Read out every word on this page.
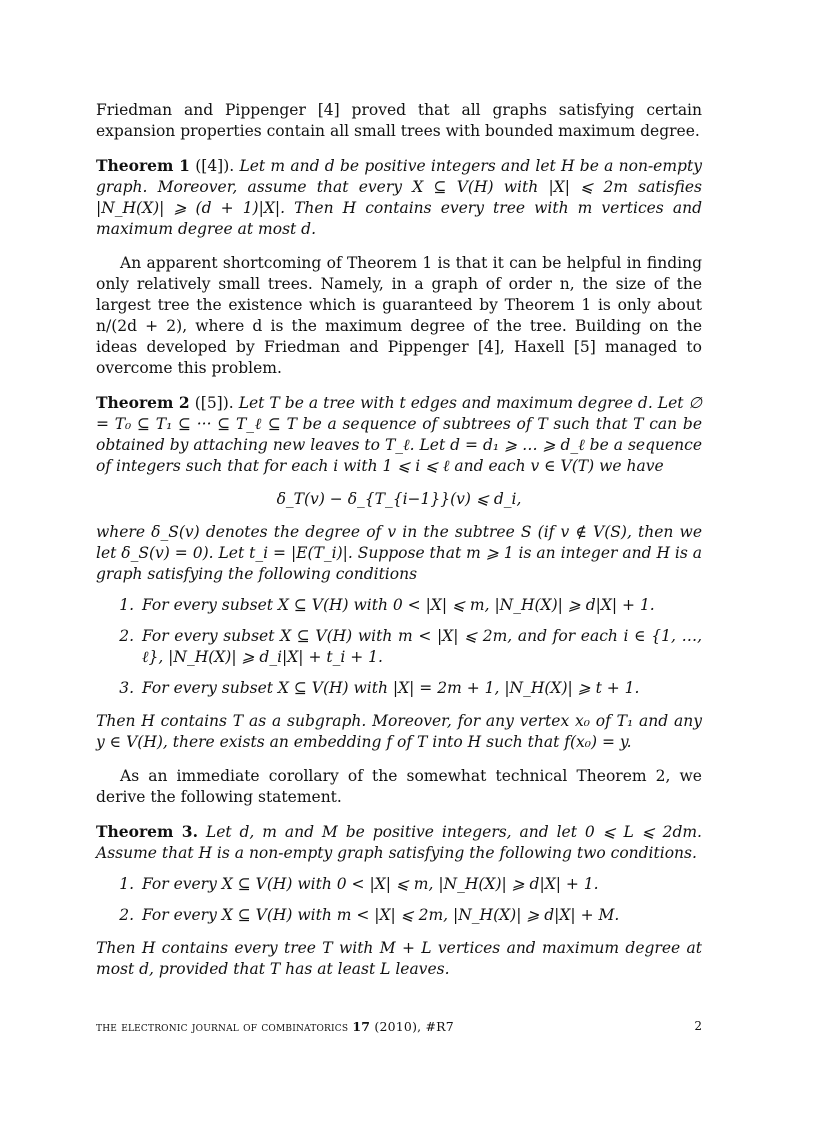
Friedman and Pippenger [4] proved that all graphs satisfying certain expansion properties contain all small trees with bounded maximum degree.

Theorem 1 ([4]). Let m and d be positive integers and let H be a non-empty graph. Moreover, assume that every X ⊆ V(H) with |X| ⩽ 2m satisfies |N_H(X)| ⩾ (d + 1)|X|. Then H contains every tree with m vertices and maximum degree at most d.

An apparent shortcoming of Theorem 1 is that it can be helpful in finding only relatively small trees. Namely, in a graph of order n, the size of the largest tree the existence which is guaranteed by Theorem 1 is only about n/(2d + 2), where d is the maximum degree of the tree. Building on the ideas developed by Friedman and Pippenger [4], Haxell [5] managed to overcome this problem.

Theorem 2 ([5]). Let T be a tree with t edges and maximum degree d. Let ∅ = T₀ ⊆ T₁ ⊆ ··· ⊆ T_ℓ ⊆ T be a sequence of subtrees of T such that T can be obtained by attaching new leaves to T_ℓ. Let d = d₁ ⩾ … ⩾ d_ℓ be a sequence of integers such that for each i with 1 ⩽ i ⩽ ℓ and each v ∈ V(T) we have
δ_T(v) − δ_{T_{i−1}}(v) ⩽ d_i,
where δ_S(v) denotes the degree of v in the subtree S (if v ∉ V(S), then we let δ_S(v) = 0). Let t_i = |E(T_i)|. Suppose that m ⩾ 1 is an integer and H is a graph satisfying the following conditions
1. For every subset X ⊆ V(H) with 0 < |X| ⩽ m, |N_H(X)| ⩾ d|X| + 1.
2. For every subset X ⊆ V(H) with m < |X| ⩽ 2m, and for each i ∈ {1, …, ℓ}, |N_H(X)| ⩾ d_i|X| + t_i + 1.
3. For every subset X ⊆ V(H) with |X| = 2m + 1, |N_H(X)| ⩾ t + 1.
Then H contains T as a subgraph. Moreover, for any vertex x₀ of T₁ and any y ∈ V(H), there exists an embedding f of T into H such that f(x₀) = y.

As an immediate corollary of the somewhat technical Theorem 2, we derive the following statement.

Theorem 3. Let d, m and M be positive integers, and let 0 ⩽ L ⩽ 2dm. Assume that H is a non-empty graph satisfying the following two conditions.
1. For every X ⊆ V(H) with 0 < |X| ⩽ m, |N_H(X)| ⩾ d|X| + 1.
2. For every X ⊆ V(H) with m < |X| ⩽ 2m, |N_H(X)| ⩾ d|X| + M.
Then H contains every tree T with M + L vertices and maximum degree at most d, provided that T has at least L leaves.
the electronic journal of combinatorics 17 (2010), #R7	2
